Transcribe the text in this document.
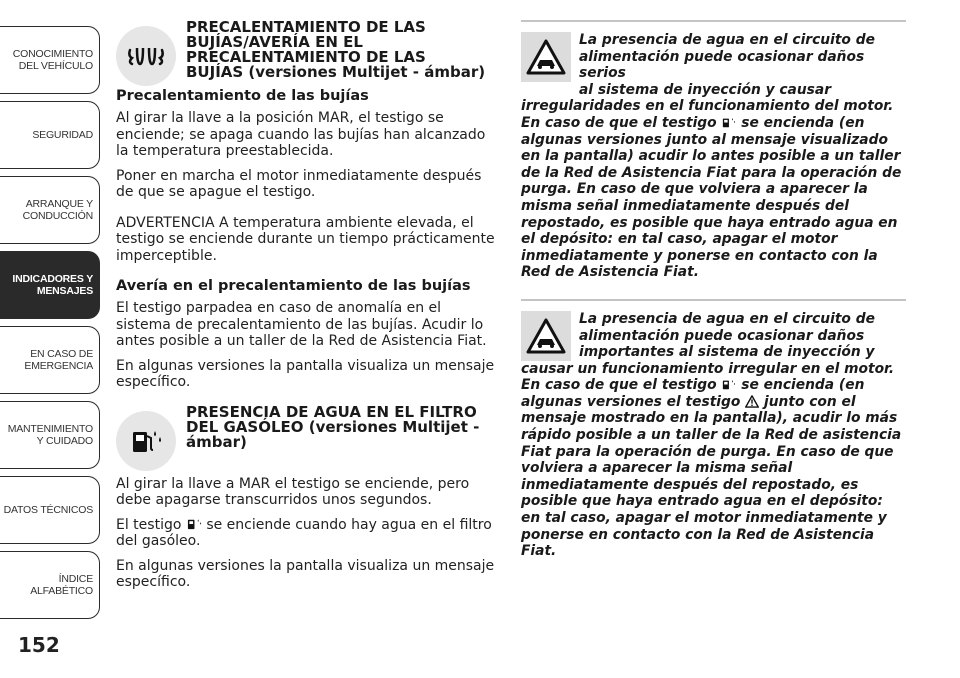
CONOCIMIENTO DEL VEHÍCULO
SEGURIDAD
ARRANQUE Y CONDUCCIÓN
INDICADORES Y MENSAJES
EN CASO DE EMERGENCIA
MANTENIMIENTO Y CUIDADO
DATOS TÉCNICOS
ÍNDICE ALFABÉTICO
152
PRECALENTAMIENTO DE LAS
BUJÍAS/AVERÍA EN EL
PRECALENTAMIENTO DE LAS
BUJÍAS (versiones Multijet - ámbar)
Precalentamiento de las bujías

Al girar la llave a la posición MAR, el testigo se enciende; se apaga cuando las bujías han alcanzado la temperatura preestablecida.

Poner en marcha el motor inmediatamente después de que se apague el testigo.

ADVERTENCIA A temperatura ambiente elevada, el testigo se enciende durante un tiempo prácticamente imperceptible.

Avería en el precalentamiento de las bujías

El testigo parpadea en caso de anomalía en el sistema de precalentamiento de las bujías. Acudir lo antes posible a un taller de la Red de Asistencia Fiat.

En algunas versiones la pantalla visualiza un mensaje específico.

PRESENCIA DE AGUA EN EL FILTRO
DEL GASÓLEO (versiones Multijet - ámbar)

Al girar la llave a MAR el testigo se enciende, pero debe apagarse transcurridos unos segundos.

El testigo  se enciende cuando hay agua en el filtro del gasóleo.

En algunas versiones la pantalla visualiza un mensaje específico.

La presencia de agua en el circuito de
alimentación puede ocasionar daños serios
al sistema de inyección y causar
irregularidades en el funcionamiento del motor. En caso de que el testigo  se encienda (en algunas versiones junto al mensaje visualizado en la pantalla) acudir lo antes posible a un taller de la Red de Asistencia Fiat para la operación de purga. En caso de que volviera a aparecer la misma señal inmediatamente después del repostado, es posible que haya entrado agua en el depósito: en tal caso, apagar el motor inmediatamente y ponerse en contacto con la Red de Asistencia Fiat.
La presencia de agua en el circuito de
alimentación puede ocasionar daños
importantes al sistema de inyección y
causar un funcionamiento irregular en el motor. En caso de que el testigo  se encienda (en algunas versiones el testigo  junto con el mensaje mostrado en la pantalla), acudir lo más rápido posible a un taller de la Red de asistencia Fiat para la operación de purga. En caso de que volviera a aparecer la misma señal inmediatamente después del repostado, es posible que haya entrado agua en el depósito: en tal caso, apagar el motor inmediatamente y ponerse en contacto con la Red de Asistencia Fiat.
